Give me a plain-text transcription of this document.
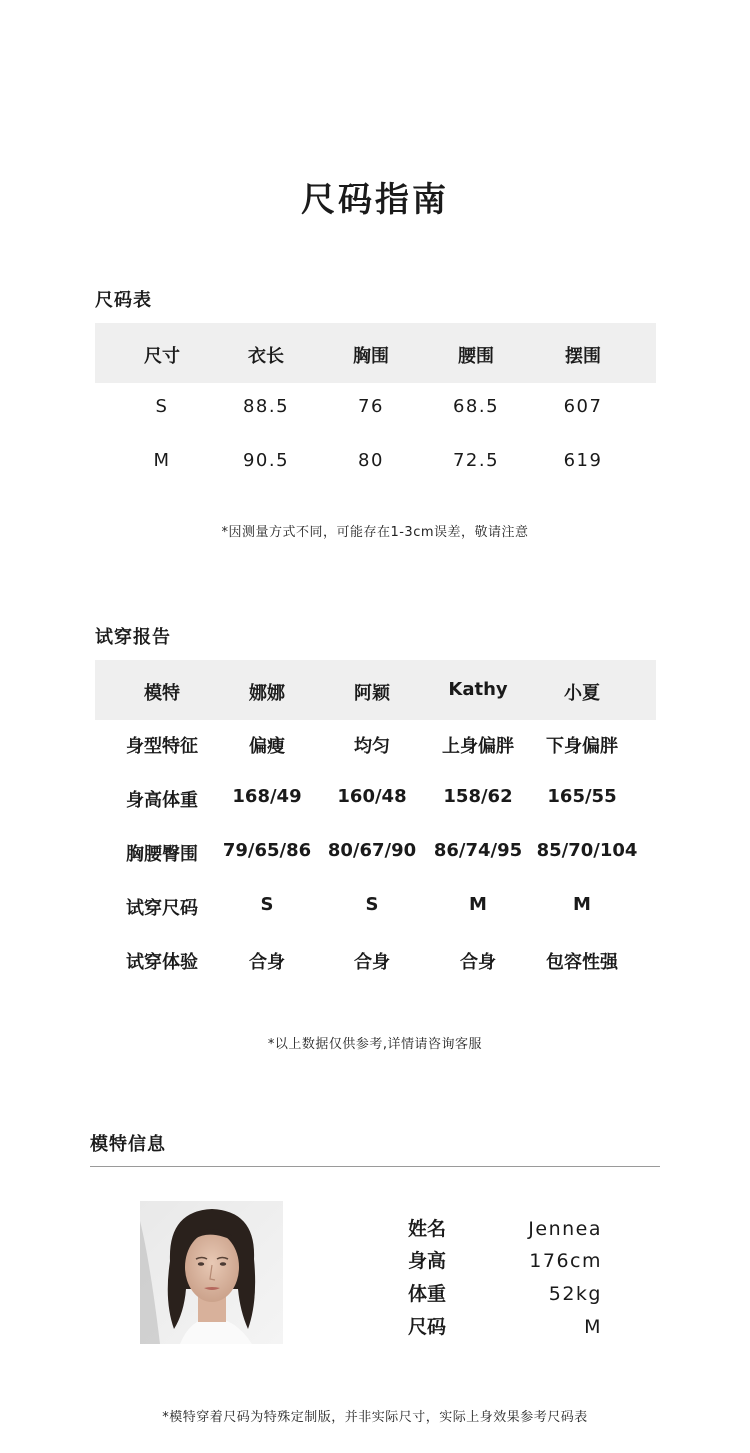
尺码指南
尺码表
尺寸	衣长	胸围	腰围	摆围
S	88.5	76	68.5	607
M	90.5	80	72.5	619
*因测量方式不同，可能存在1-3cm误差，敬请注意
试穿报告
模特	娜娜	阿颖	Kathy	小夏
身型特征	偏瘦	均匀	上身偏胖	下身偏胖
身高体重	168/49	160/48	158/62	165/55
胸腰臀围	79/65/86 80/67/90 86/74/95 85/70/104
试穿尺码	S	S	M	M
试穿体验	合身	合身	合身	包容性强
*以上数据仅供参考,详情请咨询客服
模特信息
姓名	Jennea
身高	176cm
体重	52kg
尺码	M
*模特穿着尺码为特殊定制版，并非实际尺寸，实际上身效果参考尺码表
